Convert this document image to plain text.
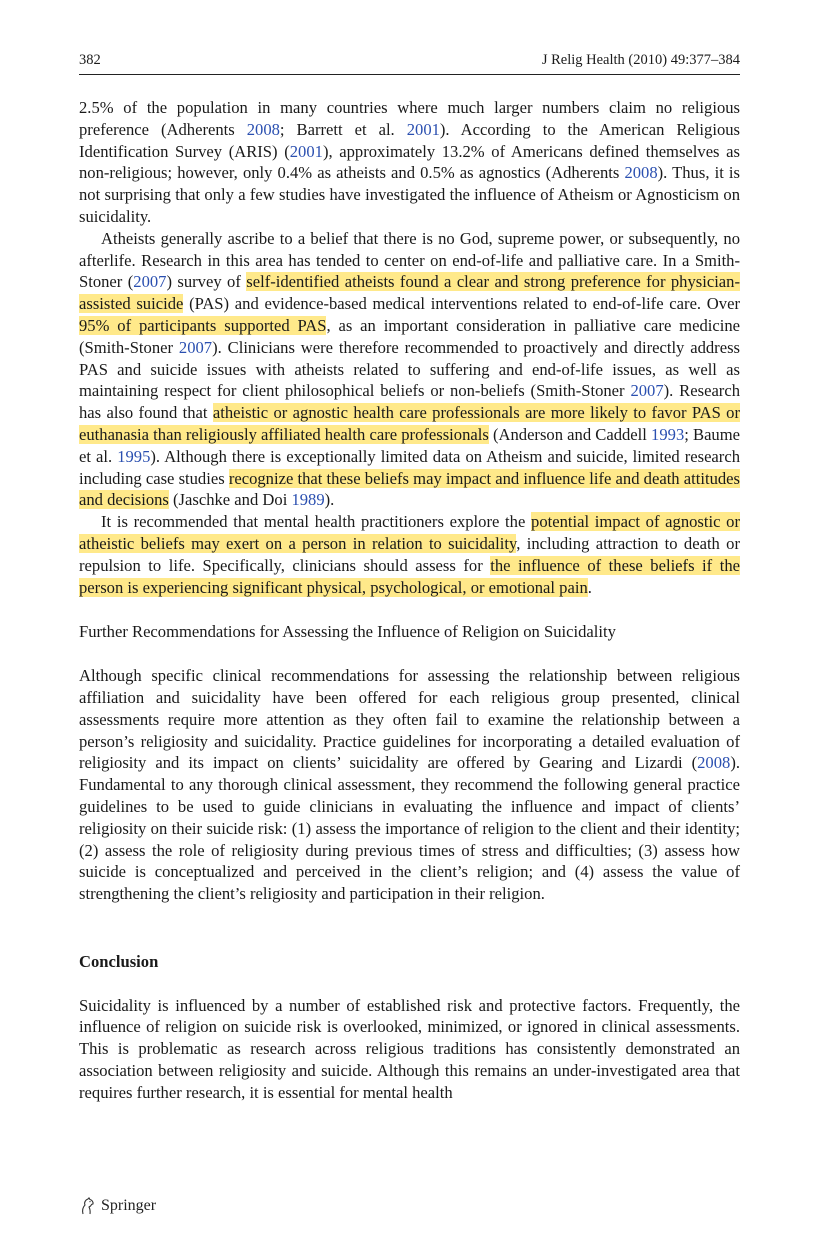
382	J Relig Health (2010) 49:377–384

2.5% of the population in many countries where much larger numbers claim no religious preference (Adherents 2008; Barrett et al. 2001). According to the American Religious Identification Survey (ARIS) (2001), approximately 13.2% of Americans defined themselves as non-religious; however, only 0.4% as atheists and 0.5% as agnostics (Adherents 2008). Thus, it is not surprising that only a few studies have investigated the influence of Atheism or Agnosticism on suicidality.

Atheists generally ascribe to a belief that there is no God, supreme power, or subsequently, no afterlife. Research in this area has tended to center on end-of-life and palliative care. In a Smith-Stoner (2007) survey of self-identified atheists found a clear and strong preference for physician-assisted suicide (PAS) and evidence-based medical interventions related to end-of-life care. Over 95% of participants supported PAS, as an important consideration in palliative care medicine (Smith-Stoner 2007). Clinicians were therefore recommended to proactively and directly address PAS and suicide issues with atheists related to suffering and end-of-life issues, as well as maintaining respect for client philosophical beliefs or non-beliefs (Smith-Stoner 2007). Research has also found that atheistic or agnostic health care professionals are more likely to favor PAS or euthanasia than religiously affiliated health care professionals (Anderson and Caddell 1993; Baume et al. 1995). Although there is exceptionally limited data on Atheism and suicide, limited research including case studies recognize that these beliefs may impact and influence life and death attitudes and decisions (Jaschke and Doi 1989).

It is recommended that mental health practitioners explore the potential impact of agnostic or atheistic beliefs may exert on a person in relation to suicidality, including attraction to death or repulsion to life. Specifically, clinicians should assess for the influence of these beliefs if the person is experiencing significant physical, psychological, or emotional pain.

Further Recommendations for Assessing the Influence of Religion on Suicidality

Although specific clinical recommendations for assessing the relationship between religious affiliation and suicidality have been offered for each religious group presented, clinical assessments require more attention as they often fail to examine the relationship between a person’s religiosity and suicidality. Practice guidelines for incorporating a detailed evaluation of religiosity and its impact on clients’ suicidality are offered by Gearing and Lizardi (2008). Fundamental to any thorough clinical assessment, they recommend the following general practice guidelines to be used to guide clinicians in evaluating the influence and impact of clients’ religiosity on their suicide risk: (1) assess the importance of religion to the client and their identity; (2) assess the role of religiosity during previous times of stress and difficulties; (3) assess how suicide is conceptualized and perceived in the client’s religion; and (4) assess the value of strengthening the client’s religiosity and participation in their religion.

Conclusion

Suicidality is influenced by a number of established risk and protective factors. Frequently, the influence of religion on suicide risk is overlooked, minimized, or ignored in clinical assessments. This is problematic as research across religious traditions has consistently demonstrated an association between religiosity and suicide. Although this remains an under-investigated area that requires further research, it is essential for mental health

Springer
